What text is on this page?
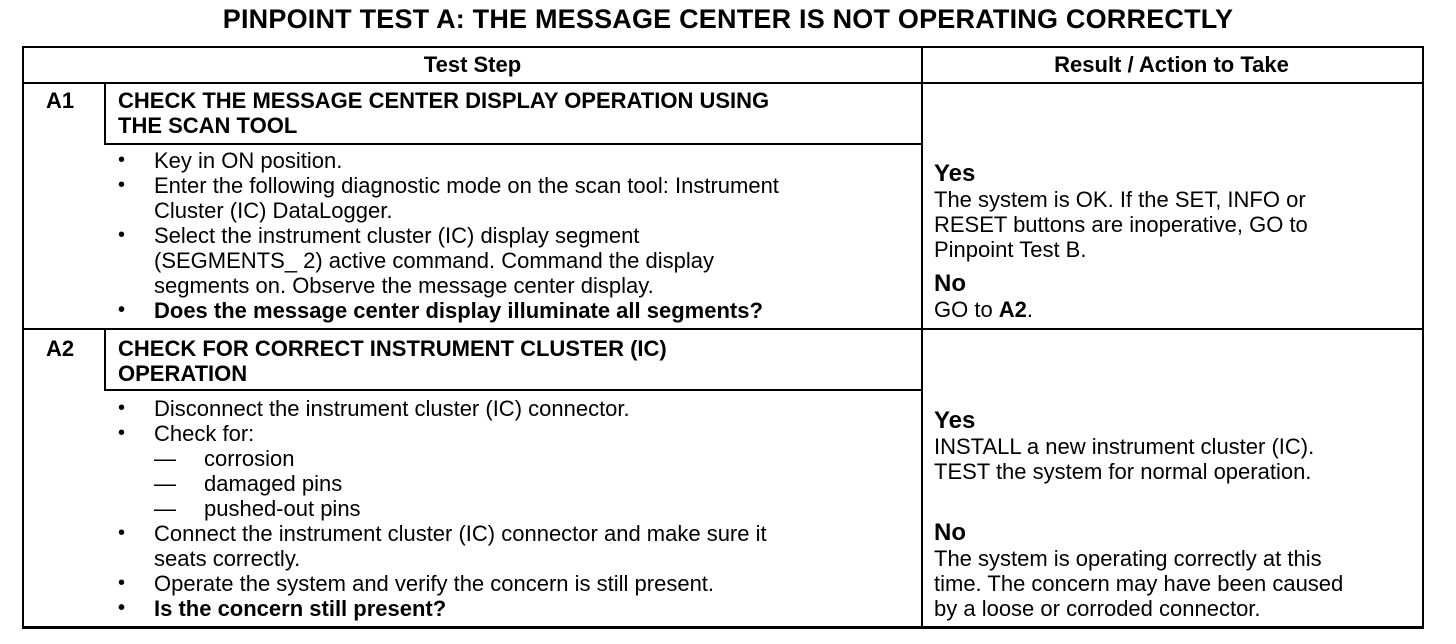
PINPOINT TEST A: THE MESSAGE CENTER IS NOT OPERATING CORRECTLY
Test Step	Result / Action to Take
A1 CHECK THE MESSAGE CENTER DISPLAY OPERATION USING
THE SCAN TOOL
• Key in ON position.
• Enter the following diagnostic mode on the scan tool: Instrument
Cluster (IC) DataLogger.
• Select the instrument cluster (IC) display segment
(SEGMENTS_ 2) active command. Command the display
segments on. Observe the message center display.
• Does the message center display illuminate all segments?
Yes
The system is OK. If the SET, INFO or
RESET buttons are inoperative, GO to
Pinpoint Test B.
No
GO to A2.
A2 CHECK FOR CORRECT INSTRUMENT CLUSTER (IC)
OPERATION
• Disconnect the instrument cluster (IC) connector.
• Check for:
— corrosion
— damaged pins
— pushed-out pins
• Connect the instrument cluster (IC) connector and make sure it
seats correctly.
• Operate the system and verify the concern is still present.
• Is the concern still present?
Yes
INSTALL a new instrument cluster (IC).
TEST the system for normal operation.
No
The system is operating correctly at this
time. The concern may have been caused
by a loose or corroded connector.
